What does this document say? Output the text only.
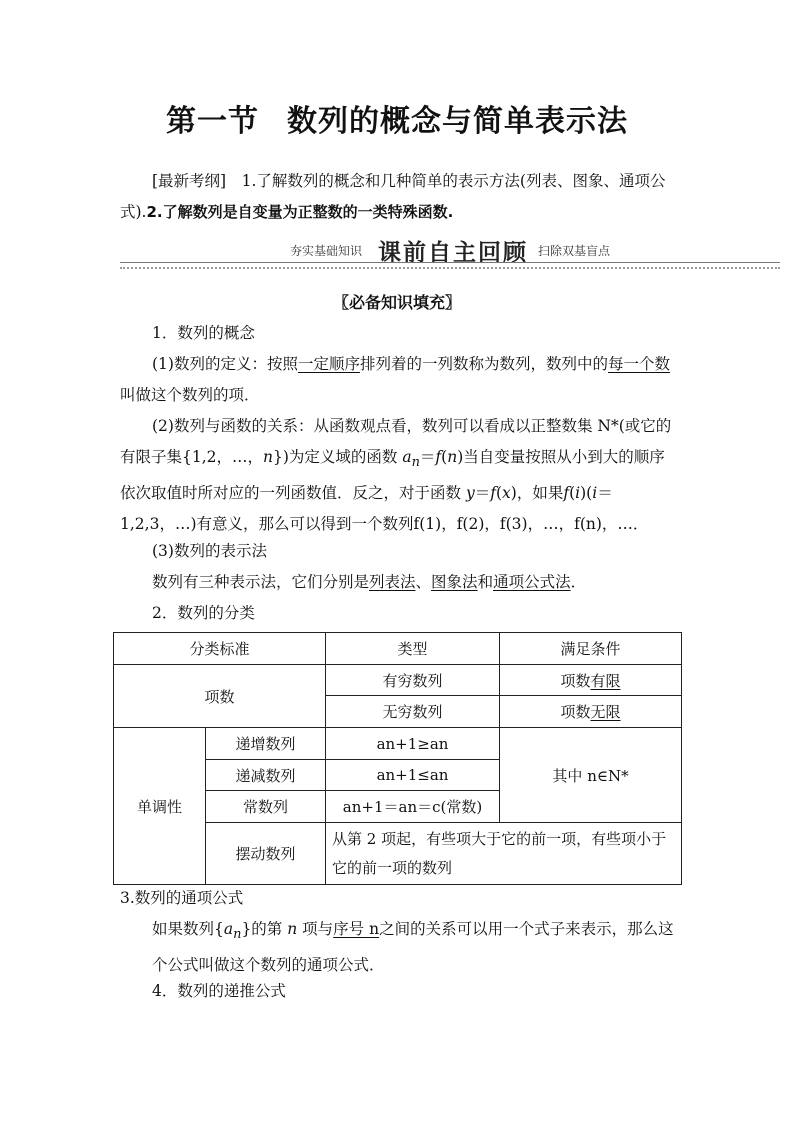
第一节 数列的概念与简单表示法
[最新考纲]　 1.了解数列的概念和几种简单的表示方法(列表、图象、通项公式).2.了解数列是自变量为正整数的一类特殊函数.
夯实基础知识 课前自主回顾 扫除双基盲点
〖必备知识填充〗
1．数列的概念
(1)数列的定义：按照一定顺序排列着的一列数称为数列，数列中的每一个数叫做这个数列的项．
(2)数列与函数的关系：从函数观点看，数列可以看成以正整数集 N*(或它的有限子集{1,2，…，n})为定义域的函数 $a_n=f(n)$当自变量按照从小到大的顺序依次取值时所对应的一列函数值．反之，对于函数 y＝f(x)，如果f(i)(i＝1,2,3，…)有意义，那么可以得到一个数列f(1)，f(2)，f(3)，…，f(n)，…．
(3)数列的表示法
数列有三种表示法，它们分别是列表法、图象法和通项公式法．
2．数列的分类
分类标准		类型	满足条件
项数		有穷数列	项数有限
		无穷数列	项数无限
单调性	递增数列	an+1≥an	其中 n∈N*
	递减数列	an+1≤an	
	常数列	an+1＝an＝c(常数)	
	摆动数列	从第 2 项起，有些项大于它的前一项，有些项小于它的前一项的数列	
3.数列的通项公式
如果数列$\{a_n\}$的第 n 项与序号 n之间的关系可以用一个式子来表示，那么这个公式叫做这个数列的通项公式．
4．数列的递推公式
